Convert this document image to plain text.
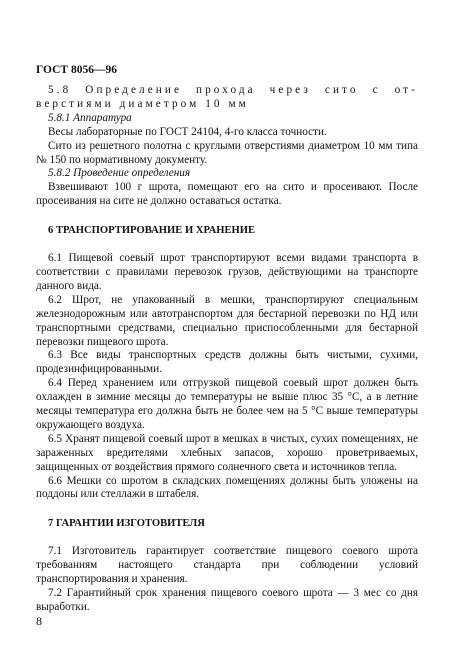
ГОСТ 8056—96

5.8 Определение прохода через сито с от- верстиями диаметром 10 мм

5.8.1 Аппаратура

Весы лабораторные по ГОСТ 24104, 4-го класса точности.

Сито из решетного полотна с круглыми отверстиями диаметром 10 мм типа № 150 по нормативному документу.

5.8.2 Проведение определения

Взвешивают 100 г шрота, помещают его на сито и просеивают. После просеивания на сите не должно оставаться остатка.

6 ТРАНСПОРТИРОВАНИЕ И ХРАНЕНИЕ

6.1 Пищевой соевый шрот транспортируют всеми видами транспорта в соответствии с правилами перевозок грузов, действующими на транспорте данного вида.

6.2 Шрот, не упакованный в мешки, транспортируют специальным железнодорожным или автотранспортом для бестарной перевозки по НД или транспортными средствами, специально приспособленными для бестарной перевозки пищевого шрота.

6.3 Все виды транспортных средств должны быть чистыми, сухими, продезинфицированными.

6.4 Перед хранением или отгрузкой пищевой соевый шрот должен быть охлажден в зимние месяцы до температуры не выше плюс 35 °С, а в летние месяцы температура его должна быть не более чем на 5 °С выше температуры окружающего воздуха.

6.5 Хранят пищевой соевый шрот в мешках в чистых, сухих помещениях, не зараженных вредителями хлебных запасов, хорошо проветриваемых, защищенных от воздействия прямого солнечного света и источников тепла.

6.6 Мешки со шротом в складских помещениях должны быть уложены на поддоны или стеллажи в штабеля.

7 ГАРАНТИИ ИЗГОТОВИТЕЛЯ

7.1 Изготовитель гарантирует соответствие пищевого соевого шрота требованиям настоящего стандарта при соблюдении условий транспортирования и хранения.

7.2 Гарантийный срок хранения пищевого соевого шрота — 3 мес со дня выработки.

8
